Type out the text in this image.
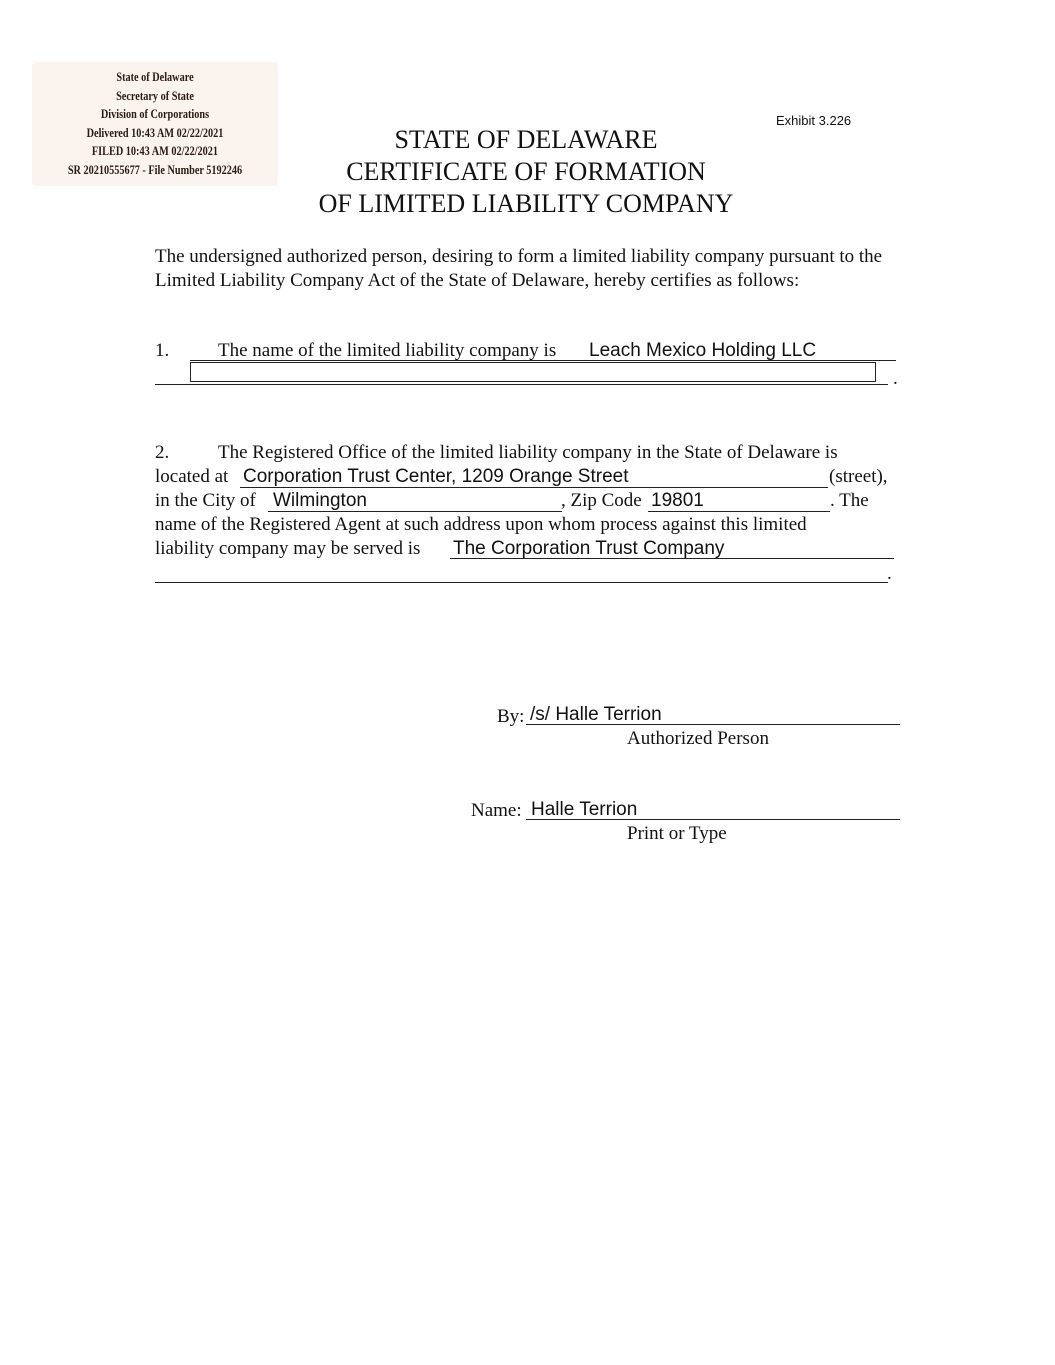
State of Delaware
Secretary of State
Division of Corporations
Delivered 10:43 AM 02/22/2021
FILED 10:43 AM 02/22/2021
SR 20210555677 - File Number 5192246
Exhibit 3.226
STATE OF DELAWARE
CERTIFICATE OF FORMATION
OF LIMITED LIABILITY COMPANY
The undersigned authorized person, desiring to form a limited liability company pursuant to the Limited Liability Company Act of the State of Delaware, hereby certifies as follows:
1.	The name of the limited liability company is Leach Mexico Holding LLC
.
2.	The Registered Office of the limited liability company in the State of Delaware is
located at Corporation Trust Center, 1209 Orange Street	(street),
in the City of Wilmington	, Zip Code 19801	. The
name of the Registered Agent at such address upon whom process against this limited
liability company may be served is The Corporation Trust Company
.
By: /s/ Halle Terrion
Authorized Person
Name: Halle Terrion
Print or Type
